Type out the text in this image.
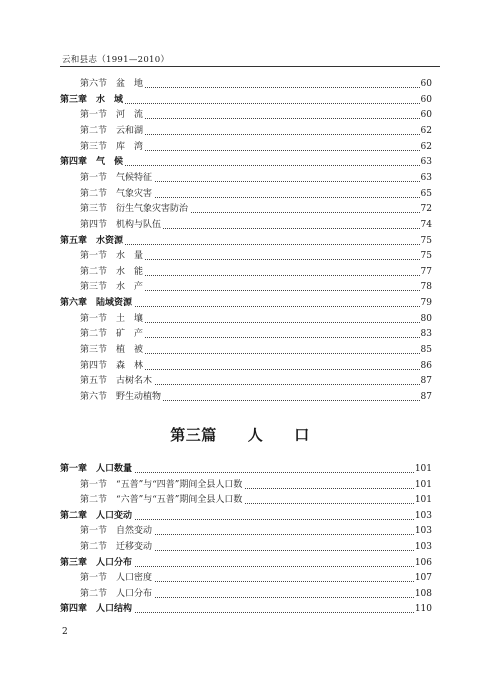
云和县志（1991—2010）
第六节　盆　地	60
第三章　水　域	60
第一节　河　流	60
第二节　云和湖	62
第三节　库　湾	62
第四章　气　候	63
第一节　气候特征	63
第二节　气象灾害	65
第三节　衍生气象灾害防治	72
第四节　机构与队伍	74
第五章　水资源	75
第一节　水　量	75
第二节　水　能	77
第三节　水　产	78
第六章　陆域资源	79
第一节　土　壤	80
第二节　矿　产	83
第三节　植　被	85
第四节　森　林	86
第五节　古树名木	87
第六节　野生动植物	87
第三篇　　人　　口
第一章　人口数量	101
第一节　“五普”与“四普”期间全县人口数	101
第二节　“六普”与“五普”期间全县人口数	101
第二章　人口变动	103
第一节　自然变动	103
第二节　迁移变动	103
第三章　人口分布	106
第一节　人口密度	107
第二节　人口分布	108
第四章　人口结构	110
2
